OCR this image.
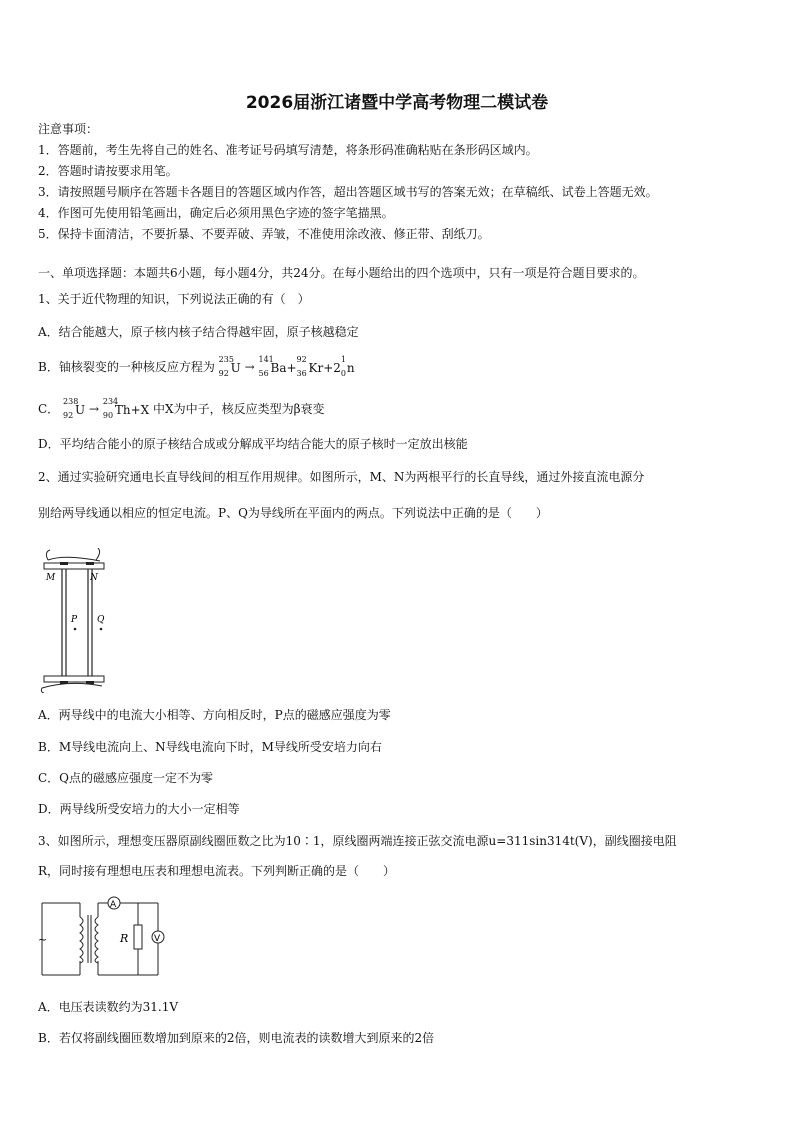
2026届浙江诸暨中学高考物理二模试卷
注意事项：
1．答题前，考生先将自己的姓名、准考证号码填写清楚，将条形码准确粘贴在条形码区域内。
2．答题时请按要求用笔。
3．请按照题号顺序在答题卡各题目的答题区域内作答，超出答题区域书写的答案无效；在草稿纸、试卷上答题无效。
4．作图可先使用铅笔画出，确定后必须用黑色字迹的签字笔描黑。
5．保持卡面清洁，不要折暴、不要弄破、弄皱，不准使用涂改液、修正带、刮纸刀。
一、单项选择题：本题共6小题，每小题4分，共24分。在每小题给出的四个选项中，只有一项是符合题目要求的。
1、关于近代物理的知识，下列说法正确的有（　）
A．结合能越大，原子核内核子结合得越牢固，原子核越稳定
B．铀核裂变的一种核反应方程为
235
92 U →
141
56 Ba+
92
36 Kr+2
1
0 n
C．
238
92 U →
234
90 Th+X 中X为中子，核反应类型为β衰变
D．平均结合能小的原子核结合成或分解成平均结合能大的原子核时一定放出核能
2、通过实验研究通电长直导线间的相互作用规律。如图所示，M、N为两根平行的长直导线，通过外接直流电源分
别给两导线通以相应的恒定电流。P、Q为导线所在平面内的两点。下列说法中正确的是（　　）
M	N
P Q
A．两导线中的电流大小相等、方向相反时，P点的磁感应强度为零
B．M导线电流向上、N导线电流向下时，M导线所受安培力向右
C．Q点的磁感应强度一定不为零
D．两导线所受安培力的大小一定相等
3、如图所示，理想变压器原副线圈匝数之比为10∶1，原线圈两端连接正弦交流电源u=311sin314t(V)，副线圈接电阻
R，同时接有理想电压表和理想电流表。下列判断正确的是（　　）
~
A
R	V
A．电压表读数约为31.1V
B．若仅将副线圈匝数增加到原来的2倍，则电流表的读数增大到原来的2倍
